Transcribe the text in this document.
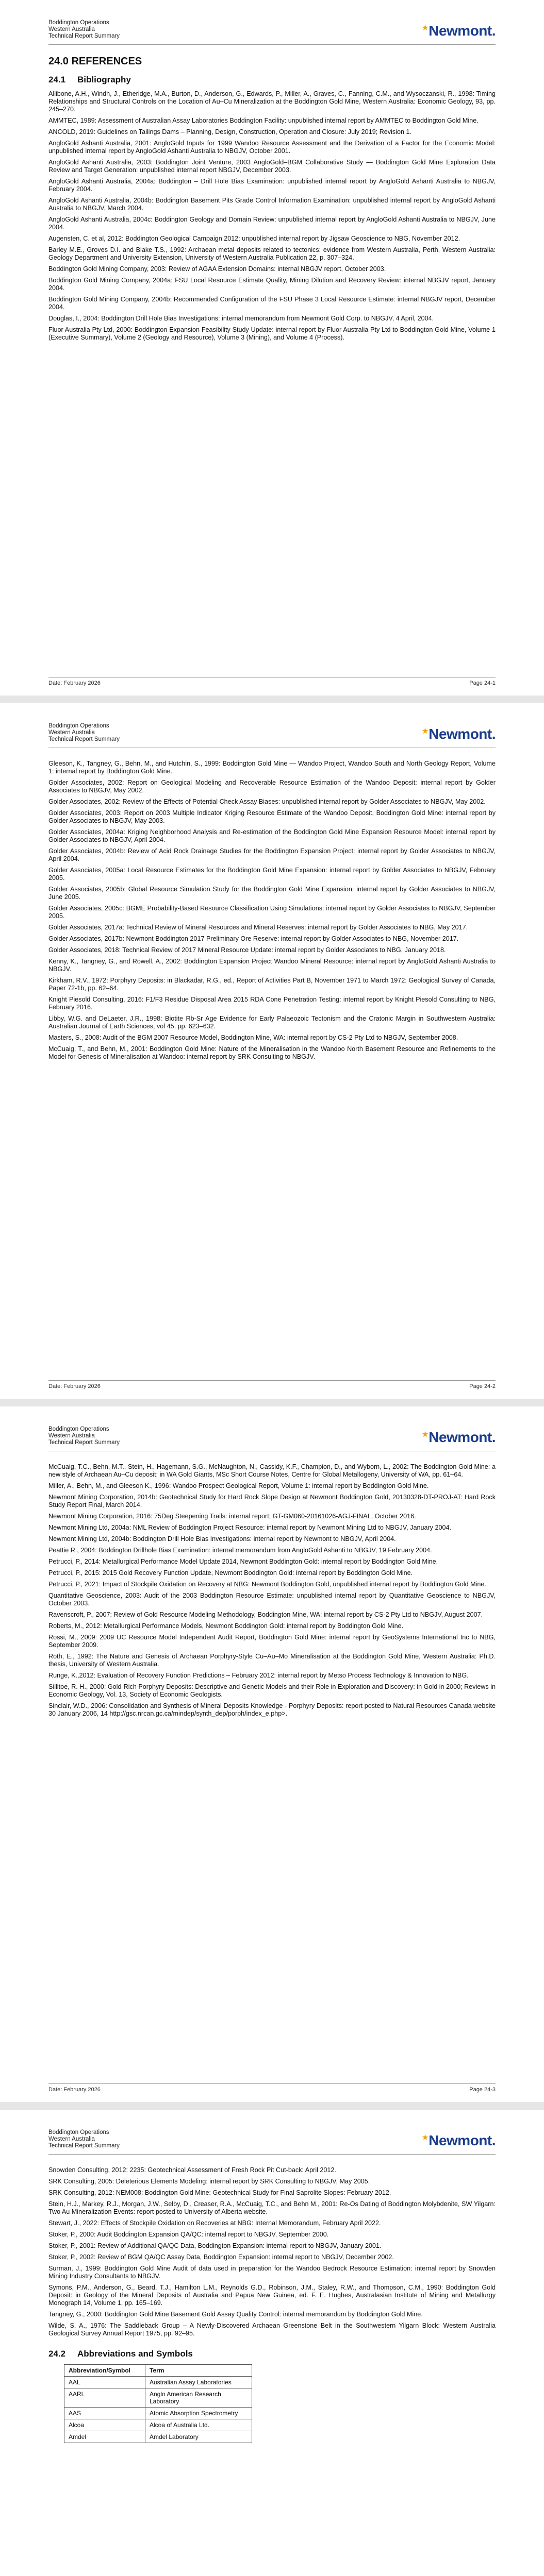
Boddington Operations
Western Australia
Technical Report Summary
★Newmont.
24.0 REFERENCES
24.1 Bibliography

Allibone, A.H., Windh, J., Etheridge, M.A., Burton, D., Anderson, G., Edwards, P., Miller, A., Graves, C., Fanning, C.M., and Wysoczanski, R., 1998: Timing Relationships and Structural Controls on the Location of Au–Cu Mineralization at the Boddington Gold Mine, Western Australia: Economic Geology, 93, pp. 245–270.

AMMTEC, 1989: Assessment of Australian Assay Laboratories Boddington Facility: unpublished internal report by AMMTEC to Boddington Gold Mine.

ANCOLD, 2019: Guidelines on Tailings Dams – Planning, Design, Construction, Operation and Closure: July 2019; Revision 1.

AngloGold Ashanti Australia, 2001: AngloGold Inputs for 1999 Wandoo Resource Assessment and the Derivation of a Factor for the Economic Model: unpublished internal report by AngloGold Ashanti Australia to NBGJV, October 2001.

AngloGold Ashanti Australia, 2003: Boddington Joint Venture, 2003 AngloGold–BGM Collaborative Study — Boddington Gold Mine Exploration Data Review and Target Generation: unpublished internal report NBGJV, December 2003.

AngloGold Ashanti Australia, 2004a: Boddington – Drill Hole Bias Examination: unpublished internal report by AngloGold Ashanti Australia to NBGJV, February 2004.

AngloGold Ashanti Australia, 2004b: Boddington Basement Pits Grade Control Information Examination: unpublished internal report by AngloGold Ashanti Australia to NBGJV, March 2004.

AngloGold Ashanti Australia, 2004c: Boddington Geology and Domain Review: unpublished internal report by AngloGold Ashanti Australia to NBGJV, June 2004.

Augensten, C. et al, 2012: Boddington Geological Campaign 2012: unpublished internal report by Jigsaw Geoscience to NBG, November 2012.

Barley M.E., Groves D.I. and Blake T.S., 1992: Archaean metal deposits related to tectonics: evidence from Western Australia, Perth, Western Australia: Geology Department and University Extension, University of Western Australia Publication 22, p. 307–324.

Boddington Gold Mining Company, 2003: Review of AGAA Extension Domains: internal NBGJV report, October 2003.

Boddington Gold Mining Company, 2004a: FSU Local Resource Estimate Quality, Mining Dilution and Recovery Review: internal NBGJV report, January 2004.

Boddington Gold Mining Company, 2004b: Recommended Configuration of the FSU Phase 3 Local Resource Estimate: internal NBGJV report, December 2004.

Douglas, I., 2004: Boddington Drill Hole Bias Investigations: internal memorandum from Newmont Gold Corp. to NBGJV, 4 April, 2004.

Fluor Australia Pty Ltd, 2000: Boddington Expansion Feasibility Study Update: internal report by Fluor Australia Pty Ltd to Boddington Gold Mine, Volume 1 (Executive Summary), Volume 2 (Geology and Resource), Volume 3 (Mining), and Volume 4 (Process).

Date: February 2026	Page 24-1
Boddington Operations
Western Australia
Technical Report Summary
★Newmont.

Gleeson, K., Tangney, G., Behn, M., and Hutchin, S., 1999: Boddington Gold Mine — Wandoo Project, Wandoo South and North Geology Report, Volume 1: internal report by Boddington Gold Mine.

Golder Associates, 2002: Report on Geological Modeling and Recoverable Resource Estimation of the Wandoo Deposit: internal report by Golder Associates to NBGJV, May 2002.

Golder Associates, 2002: Review of the Effects of Potential Check Assay Biases: unpublished internal report by Golder Associates to NBGJV, May 2002.

Golder Associates, 2003: Report on 2003 Multiple Indicator Kriging Resource Estimate of the Wandoo Deposit, Boddington Gold Mine: internal report by Golder Associates to NBGJV, May 2003.

Golder Associates, 2004a: Kriging Neighborhood Analysis and Re-estimation of the Boddington Gold Mine Expansion Resource Model: internal report by Golder Associates to NBGJV, April 2004.

Golder Associates, 2004b: Review of Acid Rock Drainage Studies for the Boddington Expansion Project: internal report by Golder Associates to NBGJV, April 2004.

Golder Associates, 2005a: Local Resource Estimates for the Boddington Gold Mine Expansion: internal report by Golder Associates to NBGJV, February 2005.

Golder Associates, 2005b: Global Resource Simulation Study for the Boddington Gold Mine Expansion: internal report by Golder Associates to NBGJV, June 2005.

Golder Associates, 2005c: BGME Probability-Based Resource Classification Using Simulations: internal report by Golder Associates to NBGJV, September 2005.

Golder Associates, 2017a: Technical Review of Mineral Resources and Mineral Reserves: internal report by Golder Associates to NBG, May 2017.

Golder Associates, 2017b: Newmont Boddington 2017 Preliminary Ore Reserve: internal report by Golder Associates to NBG, November 2017.

Golder Associates, 2018: Technical Review of 2017 Mineral Resource Update: internal report by Golder Associates to NBG, January 2018.

Kenny, K., Tangney, G., and Rowell, A., 2002: Boddington Expansion Project Wandoo Mineral Resource: internal report by AngloGold Ashanti Australia to NBGJV.

Kirkham, R.V., 1972: Porphyry Deposits: in Blackadar, R.G., ed., Report of Activities Part B, November 1971 to March 1972: Geological Survey of Canada, Paper 72-1b, pp. 62–64.

Knight Piesold Consulting, 2016: F1/F3 Residue Disposal Area 2015 RDA Cone Penetration Testing: internal report by Knight Piesold Consulting to NBG, February 2016.

Libby, W.G. and DeLaeter, J.R., 1998: Biotite Rb-Sr Age Evidence for Early Palaeozoic Tectonism and the Cratonic Margin in Southwestern Australia: Australian Journal of Earth Sciences, vol 45, pp. 623–632.

Masters, S., 2008: Audit of the BGM 2007 Resource Model, Boddington Mine, WA: internal report by CS-2 Pty Ltd to NBGJV, September 2008.

McCuaig, T., and Behn, M., 2001: Boddington Gold Mine: Nature of the Mineralisation in the Wandoo North Basement Resource and Refinements to the Model for Genesis of Mineralisation at Wandoo: internal report by SRK Consulting to NBGJV.

Date: February 2026	Page 24-2
Boddington Operations
Western Australia
Technical Report Summary
★Newmont.

McCuaig, T.C., Behn, M.T., Stein, H., Hagemann, S.G., McNaughton, N., Cassidy, K.F., Champion, D., and Wyborn, L., 2002: The Boddington Gold Mine: a new style of Archaean Au–Cu deposit: in WA Gold Giants, MSc Short Course Notes, Centre for Global Metallogeny, University of WA, pp. 61–64.

Miller, A., Behn, M., and Gleeson K., 1996: Wandoo Prospect Geological Report, Volume 1: internal report by Boddington Gold Mine.

Newmont Mining Corporation, 2014b: Geotechnical Study for Hard Rock Slope Design at Newmont Boddington Gold, 20130328-DT-PROJ-AT: Hard Rock Study Report Final, March 2014.

Newmont Mining Corporation, 2016: 75Deg Steepening Trails: internal report; GT-GM060-20161026-AGJ-FINAL, October 2016.

Newmont Mining Ltd, 2004a: NML Review of Boddington Project Resource: internal report by Newmont Mining Ltd to NBGJV, January 2004.

Newmont Mining Ltd, 2004b: Boddington Drill Hole Bias Investigations: internal report by Newmont to NBGJV, April 2004.

Peattie R., 2004: Boddington Drillhole Bias Examination: internal memorandum from AngloGold Ashanti to NBGJV, 19 February 2004.

Petrucci, P., 2014: Metallurgical Performance Model Update 2014, Newmont Boddington Gold: internal report by Boddington Gold Mine.

Petrucci, P., 2015: 2015 Gold Recovery Function Update, Newmont Boddington Gold: internal report by Boddington Gold Mine.

Petrucci, P., 2021: Impact of Stockpile Oxidation on Recovery at NBG: Newmont Boddington Gold, unpublished internal report by Boddington Gold Mine.

Quantitative Geoscience, 2003: Audit of the 2003 Boddington Resource Estimate: unpublished internal report by Quantitative Geoscience to NBGJV, October 2003.

Ravenscroft, P., 2007: Review of Gold Resource Modeling Methodology, Boddington Mine, WA: internal report by CS-2 Pty Ltd to NBGJV, August 2007.

Roberts, M., 2012: Metallurgical Performance Models, Newmont Boddington Gold: internal report by Boddington Gold Mine.

Rossi, M., 2009: 2009 UC Resource Model Independent Audit Report, Boddington Gold Mine: internal report by GeoSystems International Inc to NBG, September 2009.

Roth, E., 1992: The Nature and Genesis of Archaean Porphyry-Style Cu–Au–Mo Mineralisation at the Boddington Gold Mine, Western Australia: Ph.D. thesis, University of Western Australia.

Runge, K.,2012: Evaluation of Recovery Function Predictions – February 2012: internal report by Metso Process Technology & Innovation to NBG.

Sillitoe, R. H., 2000: Gold-Rich Porphyry Deposits: Descriptive and Genetic Models and their Role in Exploration and Discovery: in Gold in 2000; Reviews in Economic Geology, Vol. 13, Society of Economic Geologists.

Sinclair, W.D., 2006: Consolidation and Synthesis of Mineral Deposits Knowledge - Porphyry Deposits: report posted to Natural Resources Canada website 30 January 2006, 14 http://gsc.nrcan.gc.ca/mindep/synth_dep/porph/index_e.php>.

Date: February 2026	Page 24-3
Boddington Operations
Western Australia
Technical Report Summary
★Newmont.

Snowden Consulting, 2012: 2235: Geotechnical Assessment of Fresh Rock Pit Cut-back: April 2012.

SRK Consulting, 2005: Deleterious Elements Modeling: internal report by SRK Consulting to NBGJV, May 2005.

SRK Consulting, 2012: NEM008: Boddington Gold Mine: Geotechnical Study for Final Saprolite Slopes: February 2012.

Stein, H.J., Markey, R.J., Morgan, J.W., Selby, D., Creaser, R.A., McCuaig, T.C., and Behn M., 2001: Re-Os Dating of Boddington Molybdenite, SW Yilgarn: Two Au Mineralization Events: report posted to University of Alberta website.

Stewart, J., 2022: Effects of Stockpile Oxidation on Recoveries at NBG: Internal Memorandum, February April 2022.

Stoker, P., 2000: Audit Boddington Expansion QA/QC: internal report to NBGJV, September 2000.

Stoker, P., 2001: Review of Additional QA/QC Data, Boddington Expansion: internal report to NBGJV, January 2001.

Stoker, P., 2002: Review of BGM QA/QC Assay Data, Boddington Expansion: internal report to NBGJV, December 2002.

Surman, J., 1999: Boddington Gold Mine Audit of data used in preparation for the Wandoo Bedrock Resource Estimation: internal report by Snowden Mining Industry Consultants to NBGJV.

Symons, P.M., Anderson, G., Beard, T.J., Hamilton L.M., Reynolds G.D., Robinson, J.M., Staley, R.W., and Thompson, C.M., 1990: Boddington Gold Deposit: in Geology of the Mineral Deposits of Australia and Papua New Guinea, ed. F. E. Hughes, Australasian Institute of Mining and Metallurgy Monograph 14, Volume 1, pp. 165–169.

Tangney, G., 2000: Boddington Gold Mine Basement Gold Assay Quality Control: internal memorandum by Boddington Gold Mine.

Wilde, S. A., 1976: The Saddleback Group – A Newly-Discovered Archaean Greenstone Belt in the Southwestern Yilgarn Block: Western Australia Geological Survey Annual Report 1975, pp. 92–95.

24.2 Abbreviations and Symbols
Abbreviation/Symbol	Term
AAL	Australian Assay Laboratories
AARL	Anglo American Research Laboratory
AAS	Atomic Absorption Spectrometry
Alcoa	Alcoa of Australia Ltd.
Amdel	Amdel Laboratory
